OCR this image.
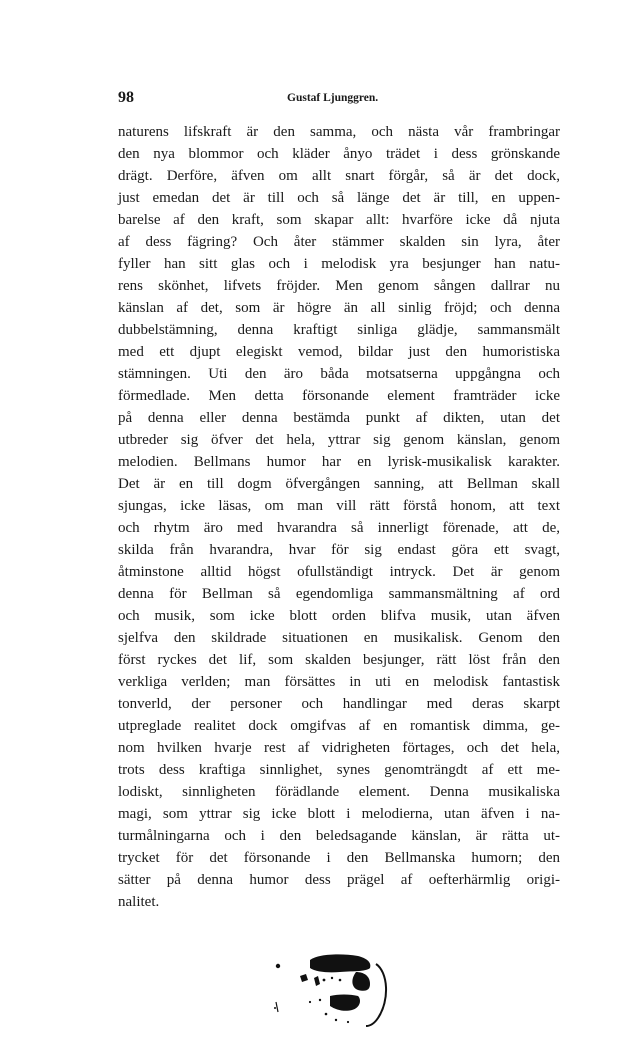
98	Gustaf Ljunggren.
naturens lifskraft är den samma, och nästa vår frambringar
den nya blommor och kläder ånyo trädet i dess grönskande
drägt. Derföre, äfven om allt snart förgår, så är det dock,
just emedan det är till och så länge det är till, en uppen-
barelse af den kraft, som skapar allt: hvarföre icke då njuta
af dess fägring? Och åter stämmer skalden sin lyra, åter
fyller han sitt glas och i melodisk yra besjunger han natu-
rens skönhet, lifvets fröjder. Men genom sången dallrar nu
känslan af det, som är högre än all sinlig fröjd; och denna
dubbelstämning, denna kraftigt sinliga glädje, sammansmält
med ett djupt elegiskt vemod, bildar just den humoristiska
stämningen. Uti den äro båda motsatserna uppgångna och
förmedlade. Men detta försonande element framträder icke
på denna eller denna bestämda punkt af dikten, utan det
utbreder sig öfver det hela, yttrar sig genom känslan, genom
melodien. Bellmans humor har en lyrisk-musikalisk karakter.
Det är en till dogm öfvergången sanning, att Bellman skall
sjungas, icke läsas, om man vill rätt förstå honom, att text
och rhytm äro med hvarandra så innerligt förenade, att de,
skilda från hvarandra, hvar för sig endast göra ett svagt,
åtminstone alltid högst ofullständigt intryck. Det är genom
denna för Bellman så egendomliga sammansmältning af ord
och musik, som icke blott orden blifva musik, utan äfven
sjelfva den skildrade situationen en musikalisk. Genom den
först ryckes det lif, som skalden besjunger, rätt löst från den
verkliga verlden; man försättes in uti en melodisk fantastisk
tonverld, der personer och handlingar med deras skarpt
utpreglade realitet dock omgifvas af en romantisk dimma, ge-
nom hvilken hvarje rest af vidrigheten förtages, och det hela,
trots dess kraftiga sinnlighet, synes genomträngdt af ett me-
lodiskt, sinnligheten förädlande element. Denna musikaliska
magi, som yttrar sig icke blott i melodierna, utan äfven i na-
turmålningarna och i den beledsagande känslan, är rätta ut-
trycket för det försonande i den Bellmanska humorn; den
sätter på denna humor dess prägel af oefterhärmlig origi-
nalitet.
